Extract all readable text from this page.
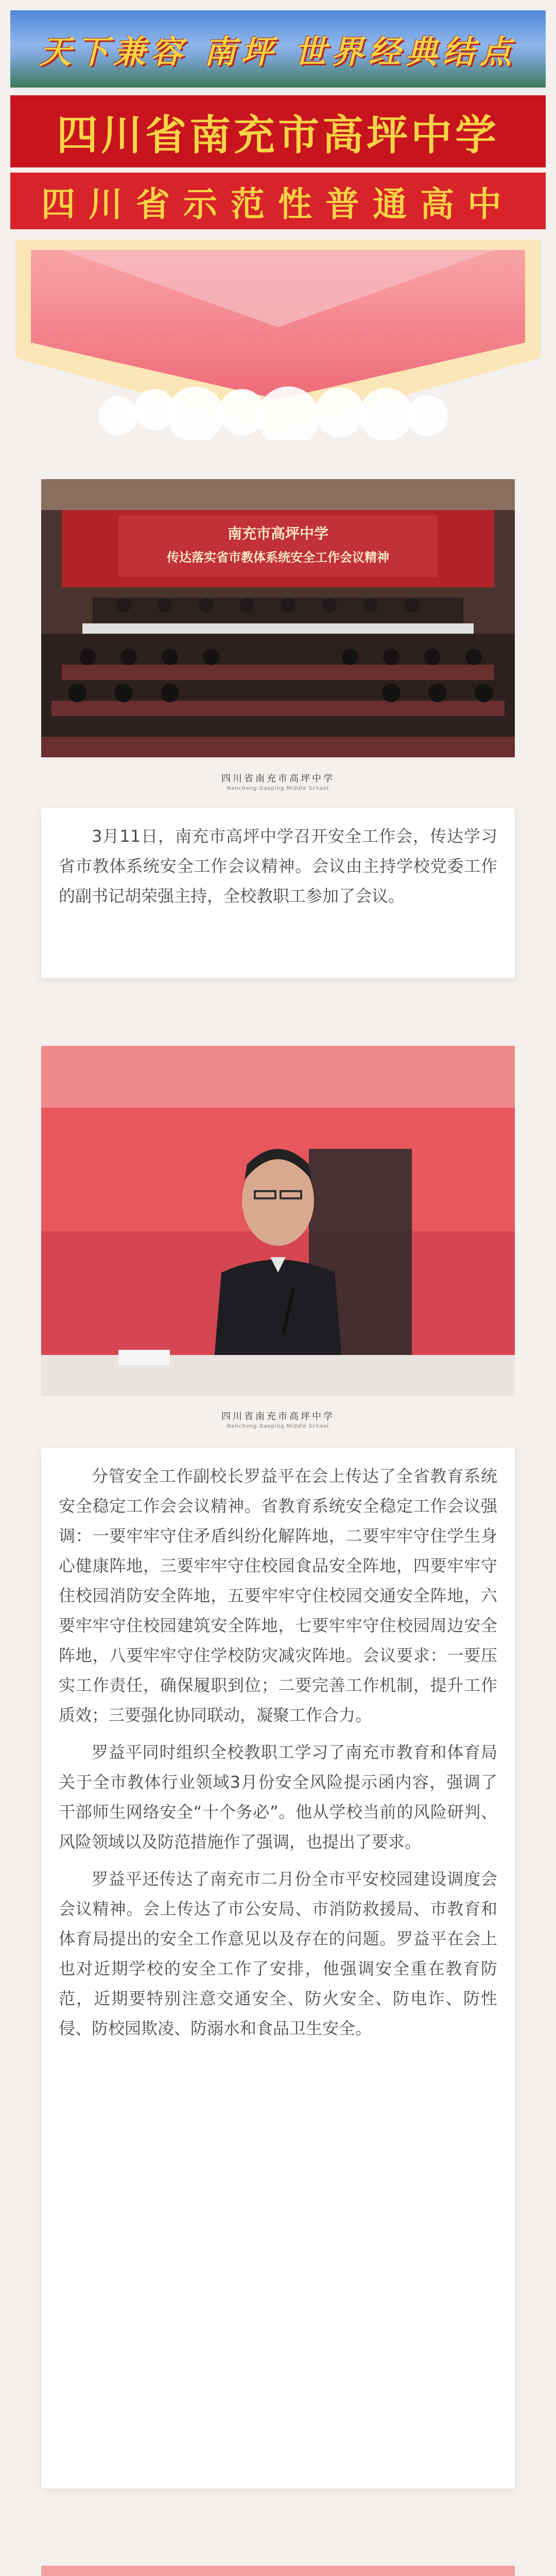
天下兼容 南坪 世界经典结点
四川省南充市高坪中学
四川省示范性普通高中
南充市高坪中学
传达落实省市教体系统安全工作会议精神
四川省南充市高坪中学
Nanchong Gaoping Middle School

3月11日，南充市高坪中学召开安全工作会，传达学习省市教体系统安全工作会议精神。会议由主持学校党委工作的副书记胡荣强主持，全校教职工参加了会议。

四川省南充市高坪中学
Nanchong Gaoping Middle School

分管安全工作副校长罗益平在会上传达了全省教育系统安全稳定工作会会议精神。省教育系统安全稳定工作会议强调：一要牢牢守住矛盾纠纷化解阵地，二要牢牢守住学生身心健康阵地，三要牢牢守住校园食品安全阵地，四要牢牢守住校园消防安全阵地，五要牢牢守住校园交通安全阵地，六要牢牢守住校园建筑安全阵地，七要牢牢守住校园周边安全阵地，八要牢牢守住学校防灾减灾阵地。会议要求：一要压实工作责任，确保履职到位；二要完善工作机制，提升工作质效；三要强化协同联动，凝聚工作合力。

罗益平同时组织全校教职工学习了南充市教育和体育局关于全市教体行业领域3月份安全风险提示函内容，强调了干部师生网络安全“十个务必”。他从学校当前的风险研判、风险领域以及防范措施作了强调，也提出了要求。

罗益平还传达了南充市二月份全市平安校园建设调度会会议精神。会上传达了市公安局、市消防救援局、市教育和体育局提出的安全工作意见以及存在的问题。罗益平在会上也对近期学校的安全工作了安排，他强调安全重在教育防范，近期要特别注意交通安全、防火安全、防电诈、防性侵、防校园欺凌、防溺水和食品卫生安全。
